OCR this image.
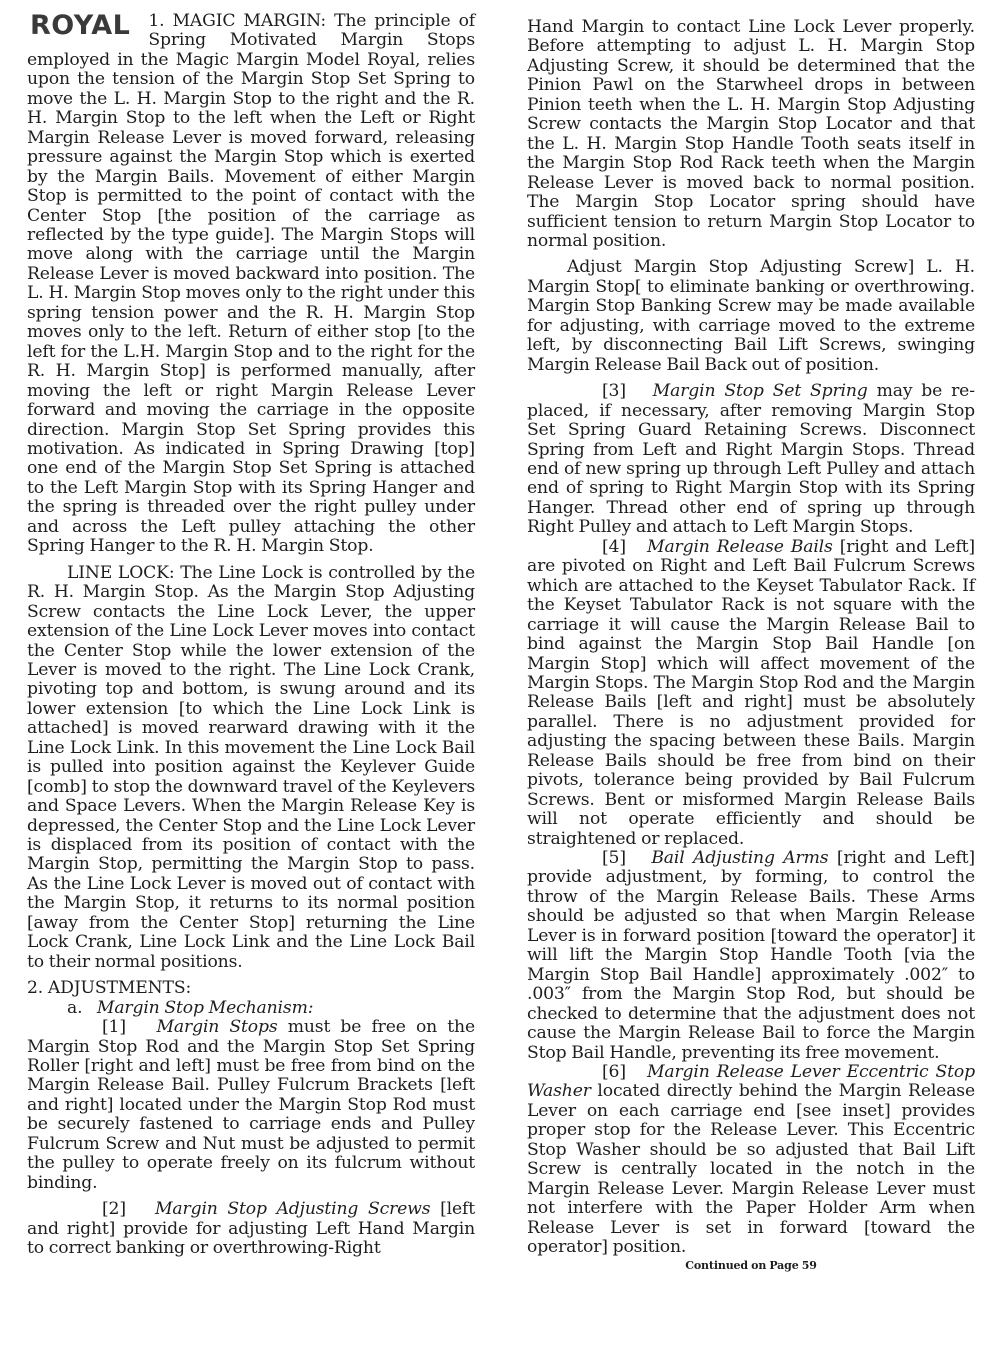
ROYAL	1. MAGIC MARGIN: The principle of Spring Motivated Margin Stops employed in the Magic Margin Model Royal, relies upon the tension of the Margin Stop Set Spring to move the L. H. Margin Stop to the right and the R. H. Margin Stop to the left when the Left or Right Margin Release Lever is moved forward, releasing pressure against the Margin Stop which is exerted by the Margin Bails. Movement of either Margin Stop is permitted to the point of contact with the Center Stop [the position of the carriage as reflected by the type guide]. The Margin Stops will move along with the carriage until the Margin Release Lever is moved backward into position. The L. H. Margin Stop moves only to the right under this spring tension power and the R. H. Margin Stop moves only to the left. Return of either stop [to the left for the L.H. Margin Stop and to the right for the R. H. Margin Stop] is performed manually, after moving the left or right Margin Release Lever forward and moving the carriage in the opposite direction. Margin Stop Set Spring provides this motivation. As indicated in Spring Drawing [top] one end of the Margin Stop Set Spring is attached to the Left Margin Stop with its Spring Hanger and the spring is threaded over the right pulley under and across the Left pulley attaching the other Spring Hanger to the R. H. Margin Stop.

LINE LOCK: The Line Lock is controlled by the R. H. Margin Stop. As the Margin Stop Adjusting Screw contacts the Line Lock Lever, the upper extension of the Line Lock Lever moves into contact the Center Stop while the lower extension of the Lever is moved to the right. The Line Lock Crank, pivoting top and bottom, is swung around and its lower extension [to which the Line Lock Link is attached] is moved rearward drawing with it the Line Lock Link. In this movement the Line Lock Bail is pulled into position against the Keylever Guide [comb] to stop the downward travel of the Keylevers and Space Levers. When the Margin Release Key is depressed, the Center Stop and the Line Lock Lever is displaced from its position of contact with the Margin Stop, permitting the Margin Stop to pass. As the Line Lock Lever is moved out of contact with the Margin Stop, it returns to its normal position [away from the Center Stop] returning the Line Lock Crank, Line Lock Link and the Line Lock Bail to their normal positions.

2. ADJUSTMENTS:

a. Margin Stop Mechanism:

[1] Margin Stops must be free on the Margin Stop Rod and the Margin Stop Set Spring Roller [right and left] must be free from bind on the Margin Release Bail. Pulley Fulcrum Brackets [left and right] located under the Margin Stop Rod must be securely fastened to carriage ends and Pulley Fulcrum Screw and Nut must be adjusted to permit the pulley to operate freely on its fulcrum without binding.

[2] Margin Stop Adjusting Screws [left and right] provide for adjusting Left Hand Margin to correct banking or overthrowing-Right

Hand Margin to contact Line Lock Lever properly. Before attempting to adjust L. H. Margin Stop Adjusting Screw, it should be determined that the Pinion Pawl on the Starwheel drops in between Pinion teeth when the L. H. Margin Stop Adjusting Screw contacts the Margin Stop Locator and that the L. H. Margin Stop Handle Tooth seats itself in the Margin Stop Rod Rack teeth when the Margin Release Lever is moved back to normal position. The Margin Stop Locator spring should have sufficient tension to return Margin Stop Locator to normal position.

Adjust Margin Stop Adjusting Screw] L. H. Margin Stop[ to eliminate banking or overthrowing. Margin Stop Banking Screw may be made available for adjusting, with carriage moved to the extreme left, by disconnecting Bail Lift Screws, swinging Margin Release Bail Back out of position.

[3] Margin Stop Set Spring may be replaced, if necessary, after removing Margin Stop Set Spring Guard Retaining Screws. Disconnect Spring from Left and Right Margin Stops. Thread end of new spring up through Left Pulley and attach end of spring to Right Margin Stop with its Spring Hanger. Thread other end of spring up through Right Pulley and attach to Left Margin Stops.

[4] Margin Release Bails [right and Left] are pivoted on Right and Left Bail Fulcrum Screws which are attached to the Keyset Tabulator Rack. If the Keyset Tabulator Rack is not square with the carriage it will cause the Margin Release Bail to bind against the Margin Stop Bail Handle [on Margin Stop] which will affect movement of the Margin Stops. The Margin Stop Rod and the Margin Release Bails [left and right] must be absolutely parallel. There is no adjustment provided for adjusting the spacing between these Bails. Margin Release Bails should be free from bind on their pivots, tolerance being provided by Bail Fulcrum Screws. Bent or misformed Margin Release Bails will not operate efficiently and should be straightened or replaced.

[5] Bail Adjusting Arms [right and Left] provide adjustment, by forming, to control the throw of the Margin Release Bails. These Arms should be adjusted so that when Margin Release Lever is in forward position [toward the operator] it will lift the Margin Stop Handle Tooth [via the Margin Stop Bail Handle] approximately .002″ to .003″ from the Margin Stop Rod, but should be checked to determine that the adjustment does not cause the Margin Release Bail to force the Margin Stop Bail Handle, preventing its free movement.

[6] Margin Release Lever Eccentric Stop Washer located directly behind the Margin Release Lever on each carriage end [see inset] provides proper stop for the Release Lever. This Eccentric Stop Washer should be so adjusted that Bail Lift Screw is centrally located in the notch in the Margin Release Lever. Margin Release Lever must not interfere with the Paper Holder Arm when Release Lever is set in forward [toward the operator] position.

Continued on Page 59
